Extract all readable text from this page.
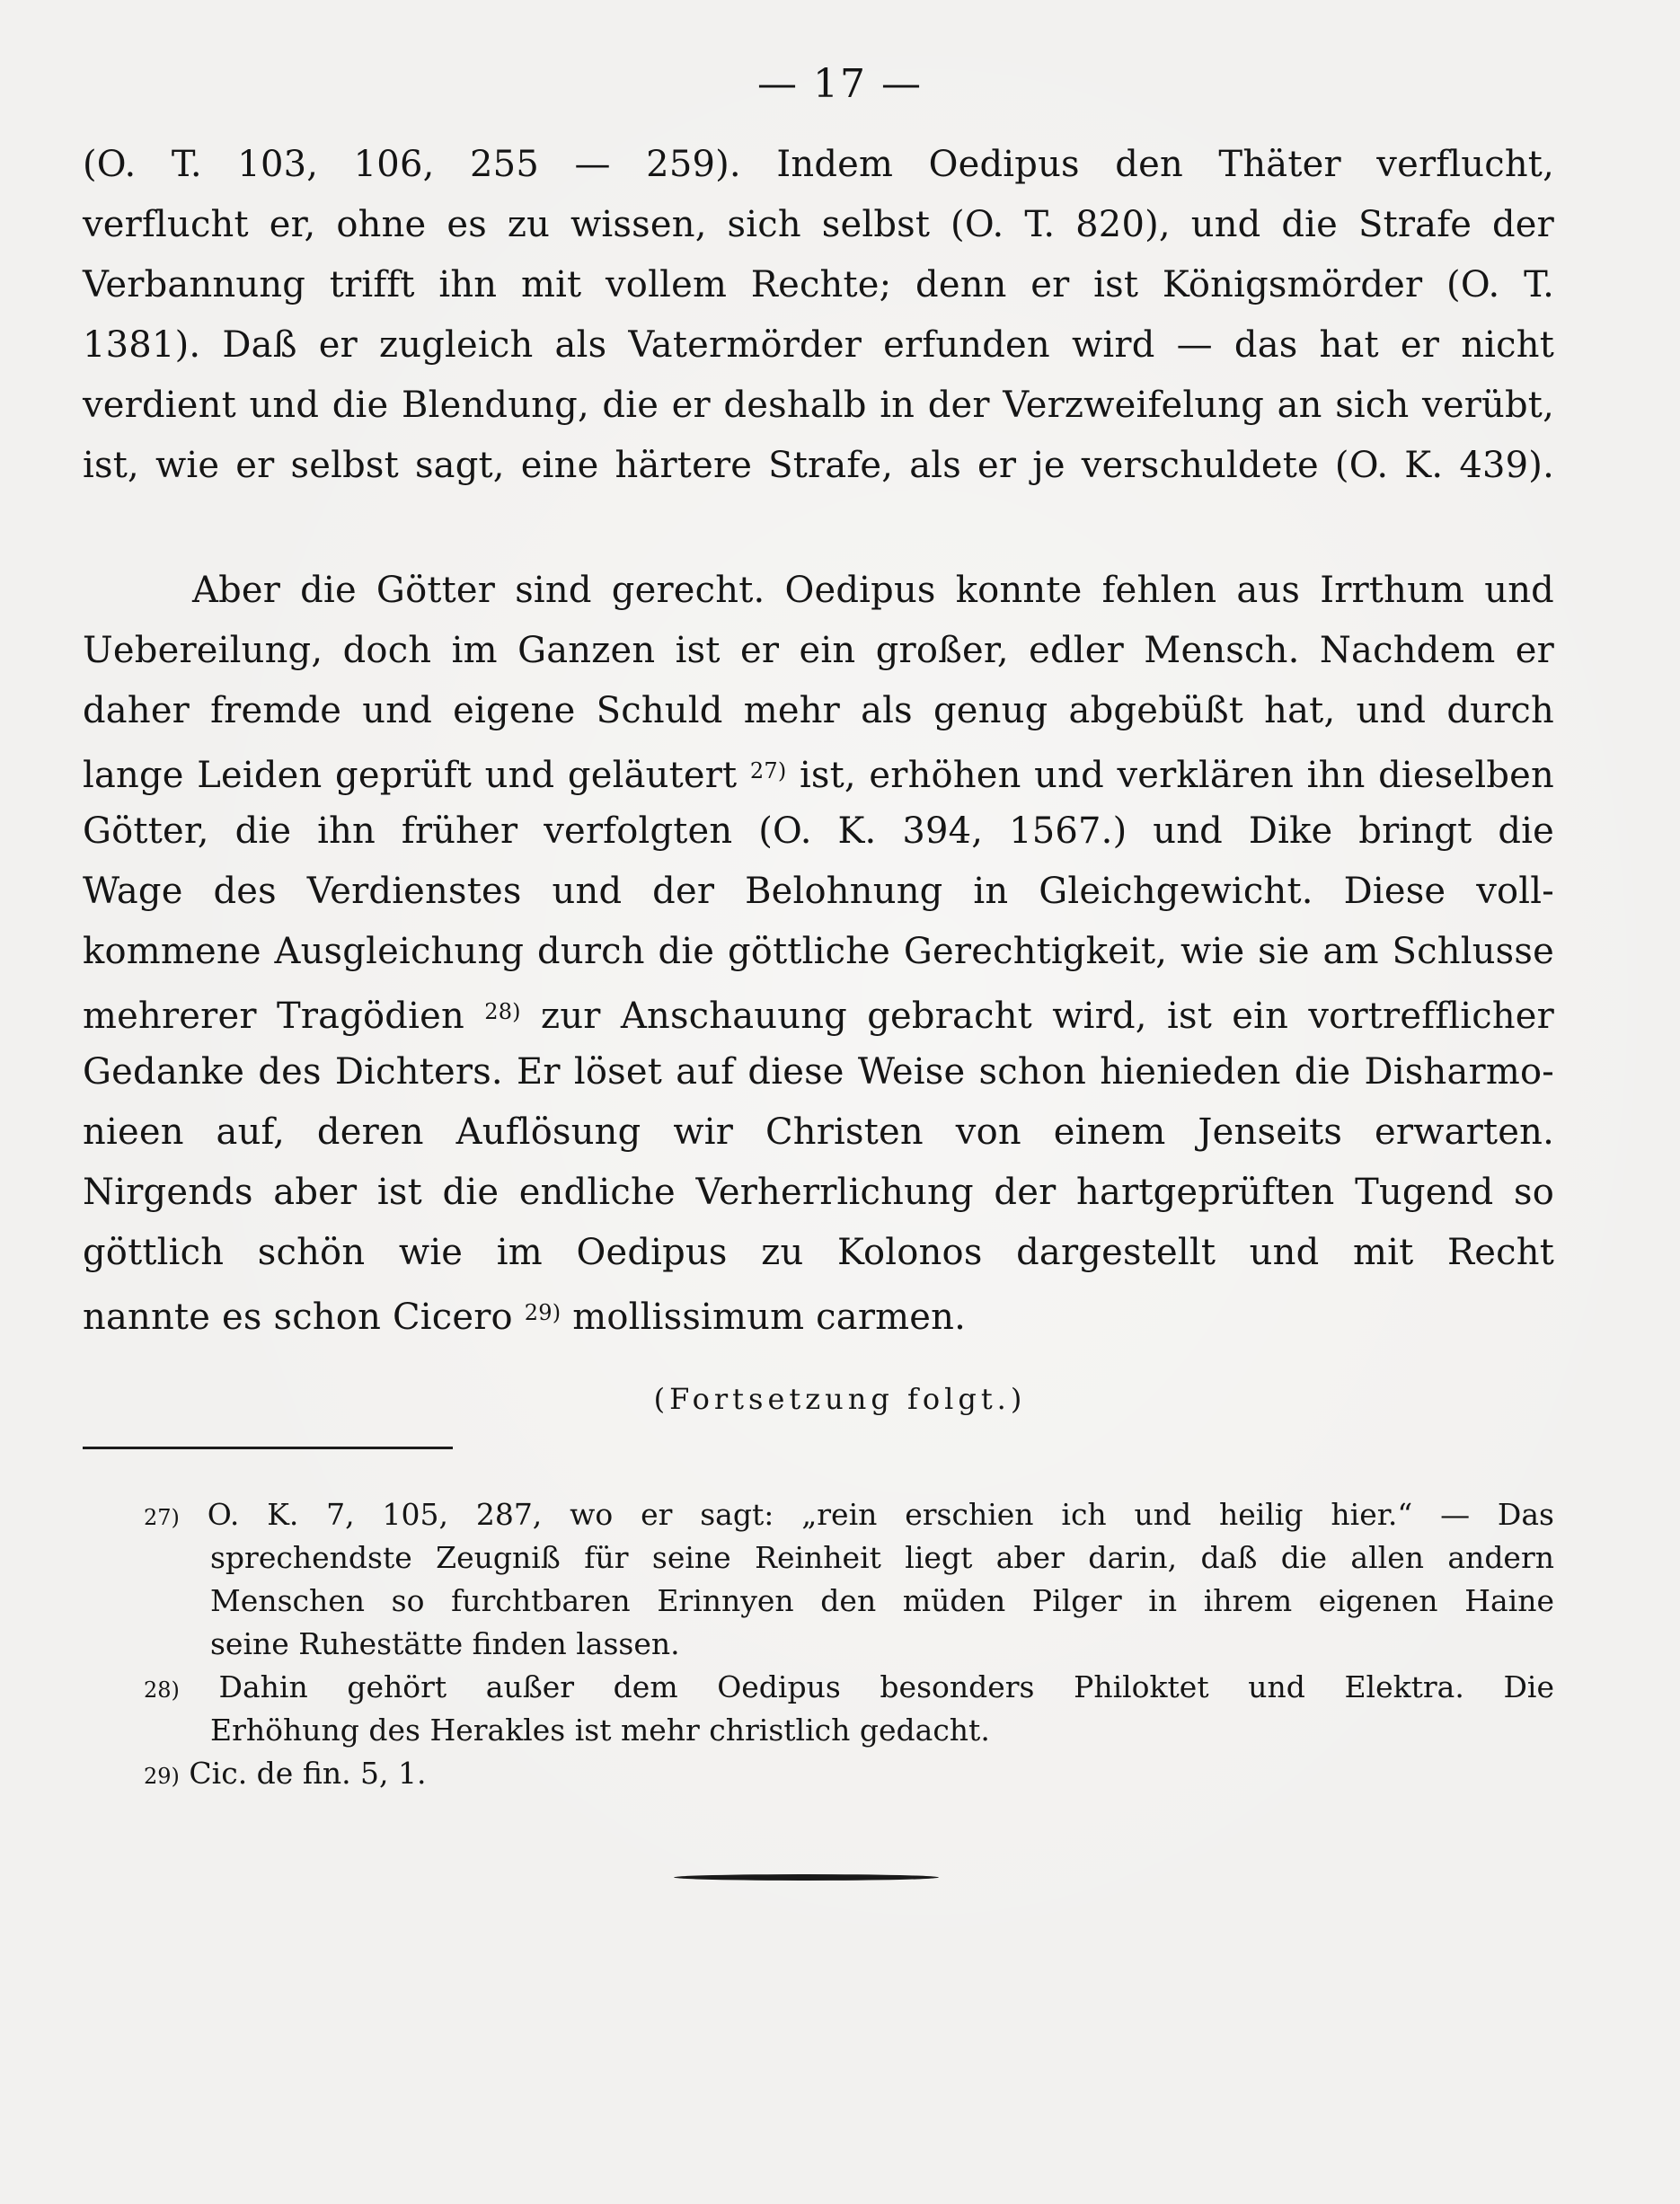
— 17 —
(O. T. 103, 106, 255 — 259). Indem Oedipus den Thäter verflucht,
verflucht er, ohne es zu wissen, sich selbst (O. T. 820), und die Strafe der
Verbannung trifft ihn mit vollem Rechte; denn er ist Königsmörder (O. T.
1381). Daß er zugleich als Vatermörder erfunden wird — das hat er nicht
verdient und die Blendung, die er deshalb in der Verzweifelung an sich verübt,
ist, wie er selbst sagt, eine härtere Strafe, als er je verschuldete (O. K. 439).
Aber die Götter sind gerecht. Oedipus konnte fehlen aus Irrthum und
Uebereilung, doch im Ganzen ist er ein großer, edler Mensch. Nachdem er
daher fremde und eigene Schuld mehr als genug abgebüßt hat, und durch
lange Leiden geprüft und geläutert $^{27)}$ ist, erhöhen und verklären ihn dieselben
Götter, die ihn früher verfolgten (O. K. 394, 1567.) und Dike bringt die
Wage des Verdienstes und der Belohnung in Gleichgewicht. Diese voll-
kommene Ausgleichung durch die göttliche Gerechtigkeit, wie sie am Schlusse
mehrerer Tragödien $^{28)}$ zur Anschauung gebracht wird, ist ein vortrefflicher
Gedanke des Dichters. Er löset auf diese Weise schon hienieden die Disharmo-
nieen auf, deren Auflösung wir Christen von einem Jenseits erwarten.
Nirgends aber ist die endliche Verherrlichung der hartgeprüften Tugend so
göttlich schön wie im Oedipus zu Kolonos dargestellt und mit Recht
nannte es schon Cicero $^{29)}$ mollissimum carmen.
(Fortsetzung folgt.)
27) O. K. 7, 105, 287, wo er sagt: „rein erschien ich und heilig hier.“ — Das
sprechendste Zeugniß für seine Reinheit liegt aber darin, daß die allen andern
Menschen so furchtbaren Erinnyen den müden Pilger in ihrem eigenen Haine
seine Ruhestätte finden lassen.
28) Dahin gehört außer dem Oedipus besonders Philoktet und Elektra. Die
Erhöhung des Herakles ist mehr christlich gedacht.
29) Cic. de fin. 5, 1.
